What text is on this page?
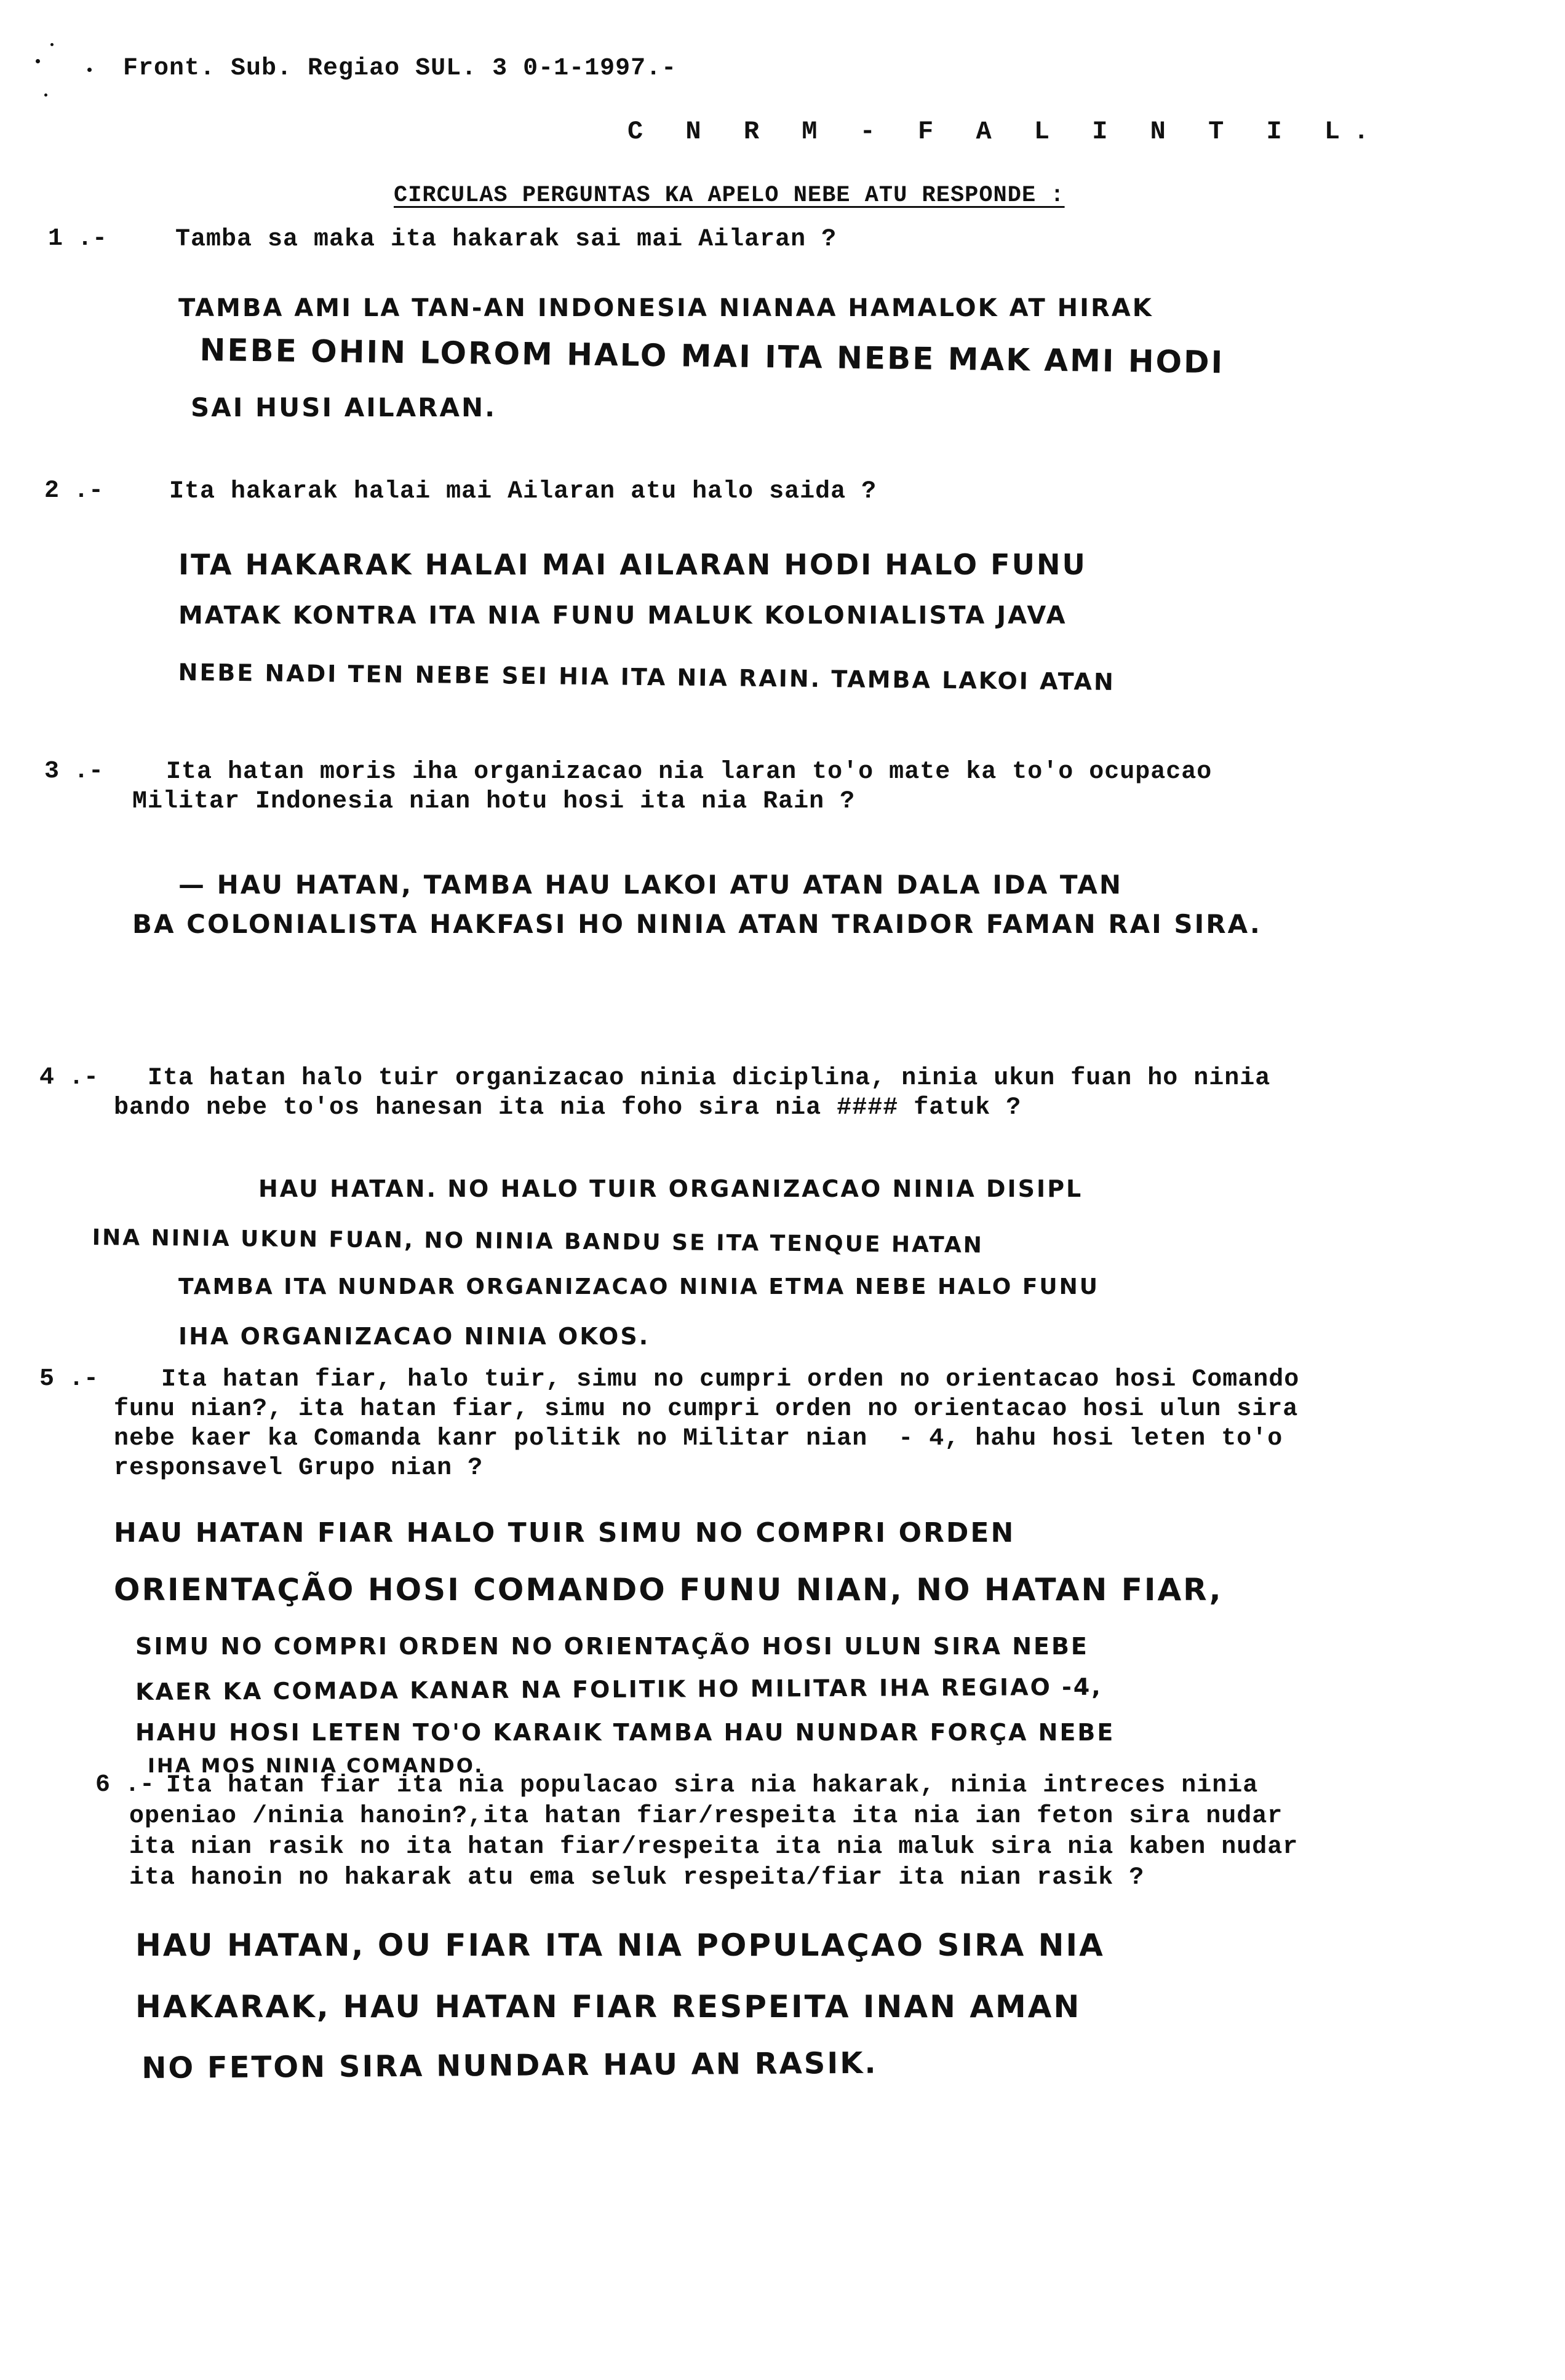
Front. Sub. Regiao SUL. 3 0-1-1997.-
C N R M - F A L I N T I L.
CIRCULAS PERGUNTAS KA APELO NEBE ATU RESPONDE :
1 .-	Tamba sa maka ita hakarak sai mai Ailaran ?
TAMBA AMI LA TAN-AN INDONESIA NIANAA HAMALOK AT HIRAK
NEBE OHIN LOROM HALO MAI ITA NEBE MAK AMI HODI
SAI HUSI AILARAN.
2 .-	Ita hakarak halai mai Ailaran atu halo saida ?
ITA HAKARAK HALAI MAI AILARAN HODI HALO FUNU
MATAK KONTRA ITA NIA FUNU MALUK KOLONIALISTA JAVA
NEBE NADI TEN NEBE SEI HIA ITA NIA RAIN. TAMBA LAKOI ATAN
3 .-	Ita hatan moris iha organizacao nia laran to'o mate ka to'o ocupacao
Militar Indonesia nian hotu hosi ita nia Rain ?
— HAU HATAN, TAMBA HAU LAKOI ATU ATAN DALA IDA TAN
BA COLONIALISTA HAKFASI HO NINIA ATAN TRAIDOR FAMAN RAI SIRA.
4 .- Ita hatan halo tuir organizacao ninia diciplina, ninia ukun fuan ho ninia
bando nebe to'os hanesan ita nia foho sira nia #### fatuk ?
HAU HATAN. NO HALO TUIR ORGANIZACAO NINIA DISIPL
INA NINIA UKUN FUAN, NO NINIA BANDU SE ITA TENQUE HATAN
TAMBA ITA NUNDAR ORGANIZACAO NINIA ETMA NEBE HALO FUNU
IHA ORGANIZACAO NINIA OKOS.
5 .-	Ita hatan fiar, halo tuir, simu no cumpri orden no orientacao hosi Comando
funu nian?, ita hatan fiar, simu no cumpri orden no orientacao hosi ulun sira
nebe kaer ka Comanda kanr politik no Militar nian  - 4, hahu hosi leten to'o
responsavel Grupo nian ?
HAU HATAN FIAR HALO TUIR SIMU NO COMPRI ORDEN
ORIENTAÇÃO HOSI COMANDO FUNU NIAN, NO HATAN FIAR,
SIMU NO COMPRI ORDEN NO ORIENTAÇÃO HOSI ULUN SIRA NEBE
KAER KA COMADA KANAR NA FOLITIK HO MILITAR IHA REGIAO -4,
HAHU HOSI LETEN TO'O KARAIK TAMBA HAU NUNDAR FORÇA NEBE
IHA MOS NINIA COMANDO.
6 .- Ita hatan fiar ita nia populacao sira nia hakarak, ninia intreces ninia
openiao /ninia hanoin?,ita hatan fiar/respeita ita nia ian feton sira nudar
ita nian rasik no ita hatan fiar/respeita ita nia maluk sira nia kaben nudar
ita hanoin no hakarak atu ema seluk respeita/fiar ita nian rasik ?
HAU HATAN, OU FIAR ITA NIA POPULAÇAO SIRA NIA
HAKARAK, HAU HATAN FIAR RESPEITA INAN AMAN
NO FETON SIRA NUNDAR HAU AN RASIK.
